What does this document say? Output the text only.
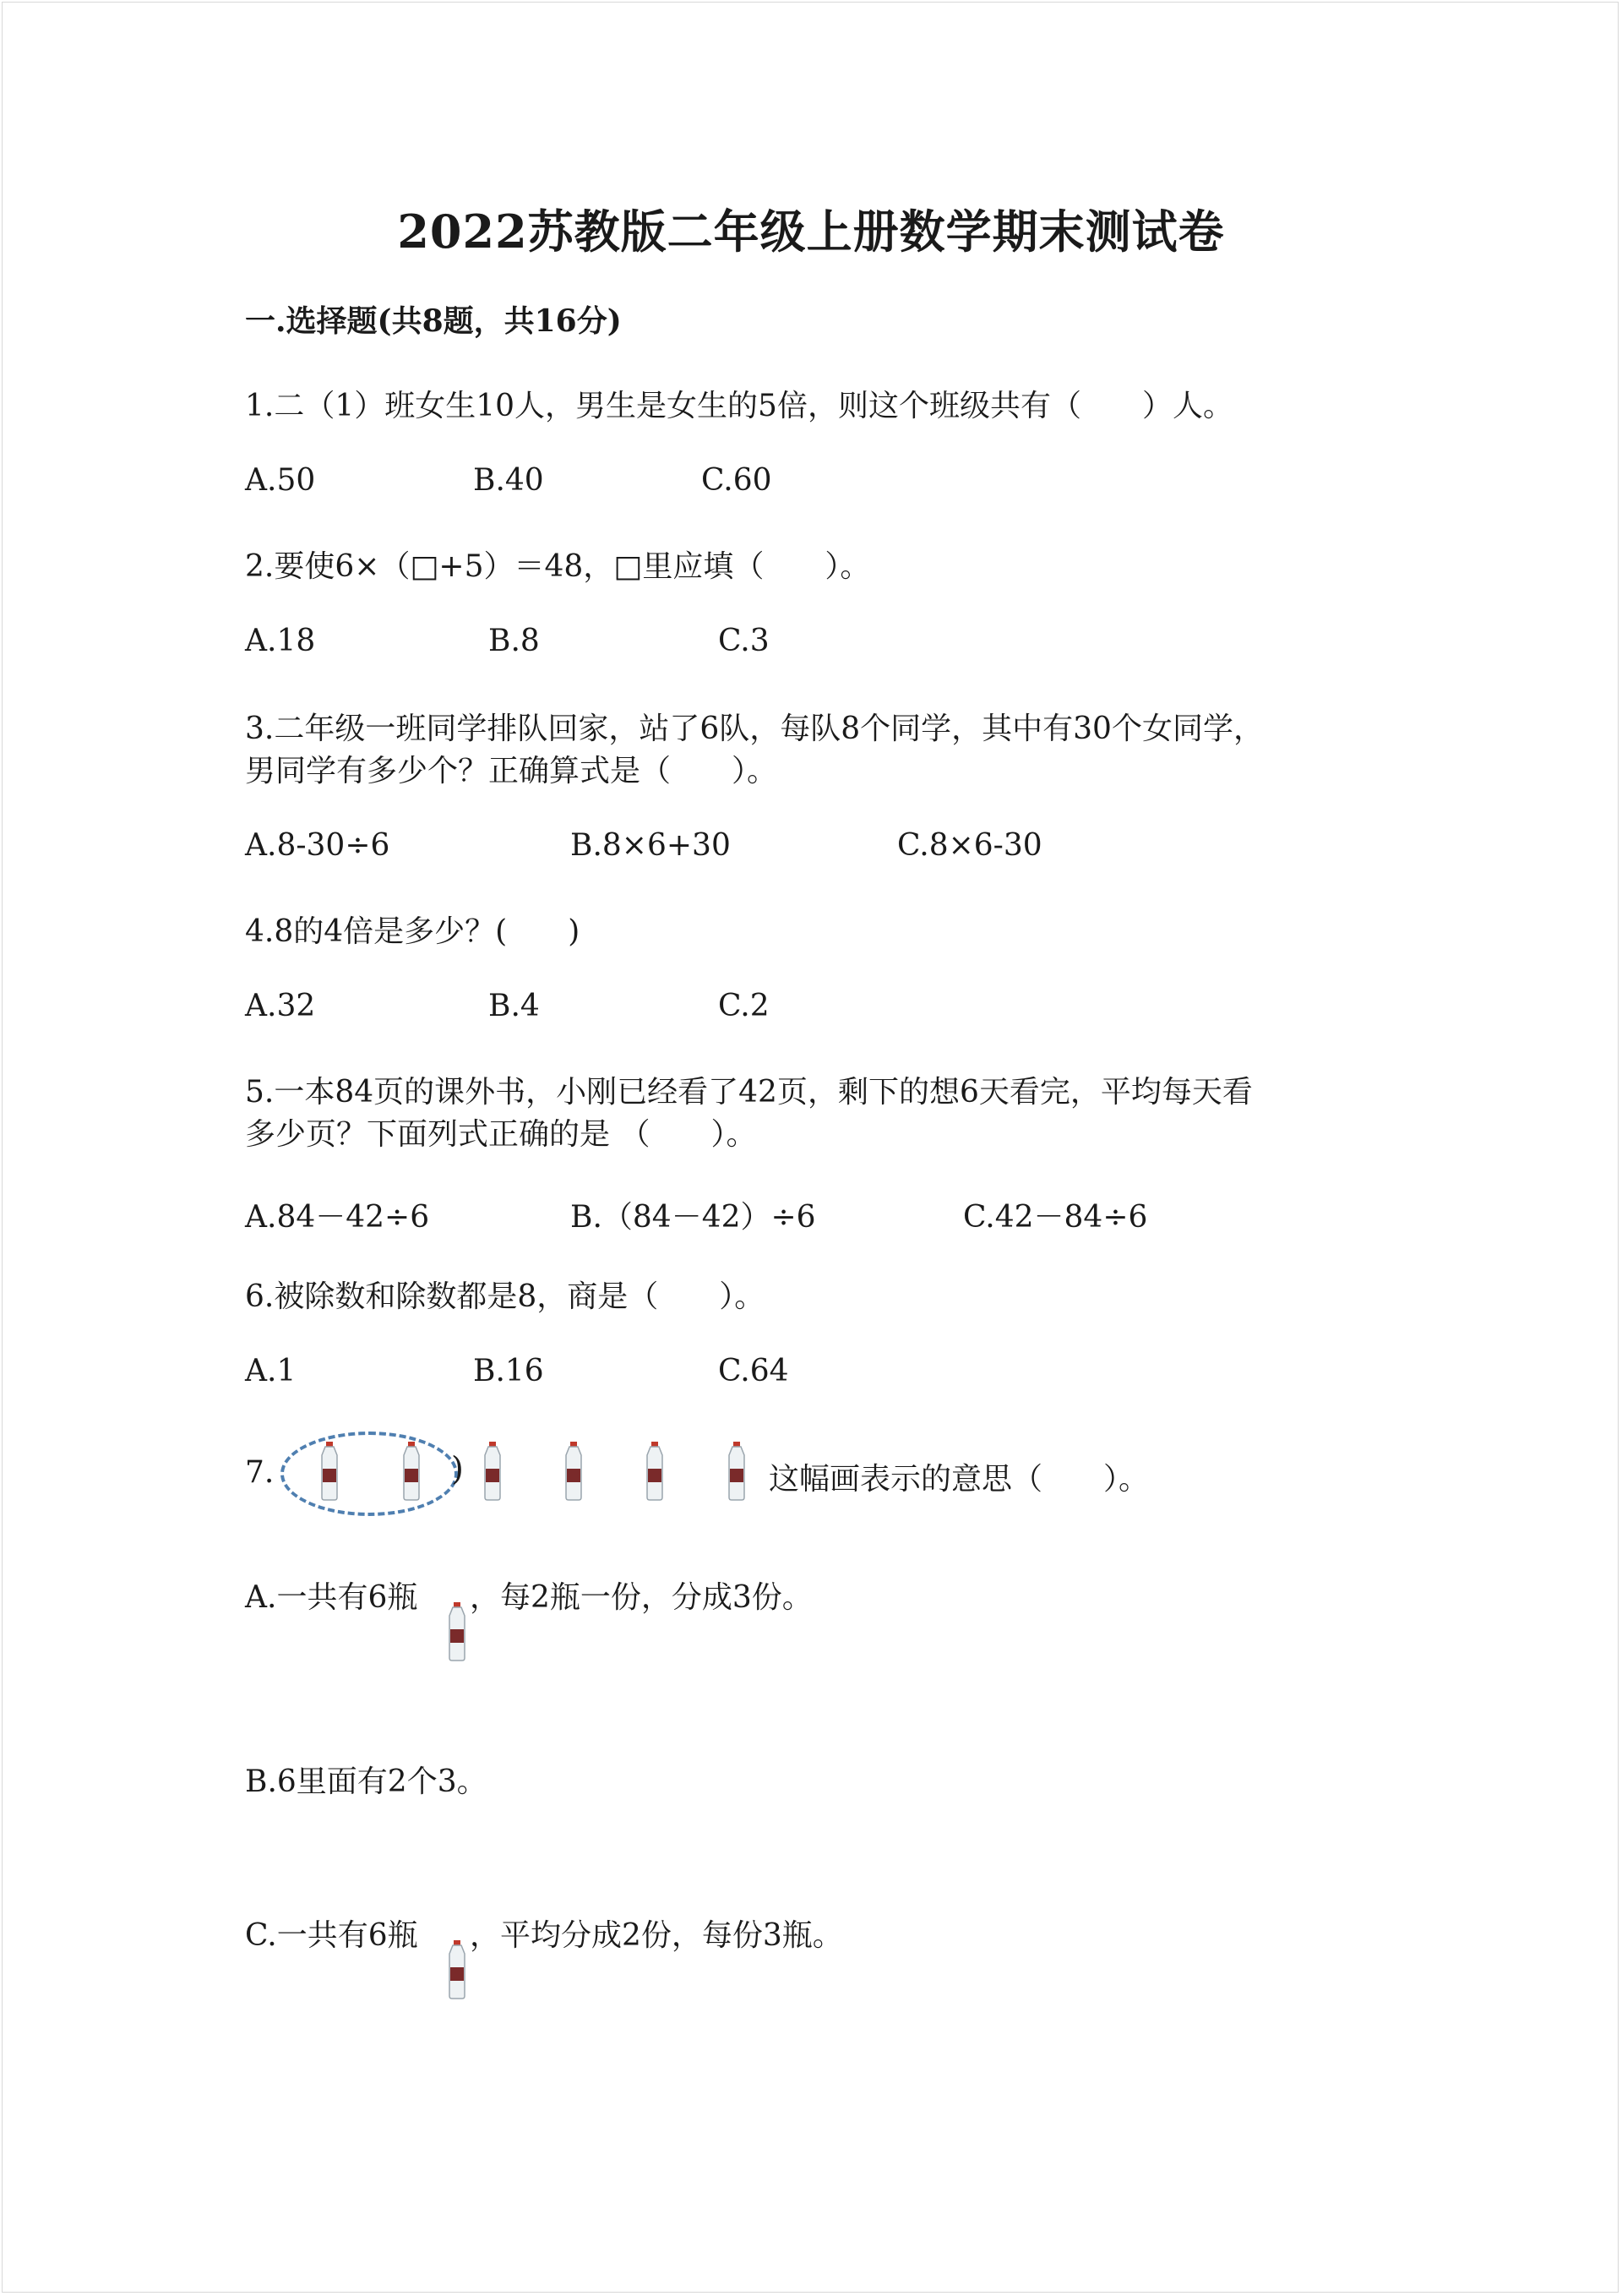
2022苏教版二年级上册数学期末测试卷
一.选择题(共8题，共16分)
1.二（1）班女生10人，男生是女生的5倍，则这个班级共有（　　）人。
A.50	B.40	C.60
2.要使6×（□+5）＝48，□里应填（　　）。
A.18	B.8	C.3
3.二年级一班同学排队回家，站了6队，每队8个同学，其中有30个女同学，
男同学有多少个？正确算式是（　　）。
A.8-30÷6	B.8×6+30	C.8×6-30
4.8的4倍是多少？(　　)
A.32	B.4	C.2
5.一本84页的课外书，小刚已经看了42页，剩下的想6天看完，平均每天看
多少页？下面列式正确的是 （　　）。
A.84－42÷6	B.（84－42）÷6	C.42－84÷6
6.被除数和除数都是8，商是（　　）。
A.1	B.16	C.64
7.	)	这幅画表示的意思（　　）。
A.一共有6瓶 ，每2瓶一份，分成3份。
B.6里面有2个3。
C.一共有6瓶 ，平均分成2份，每份3瓶。
